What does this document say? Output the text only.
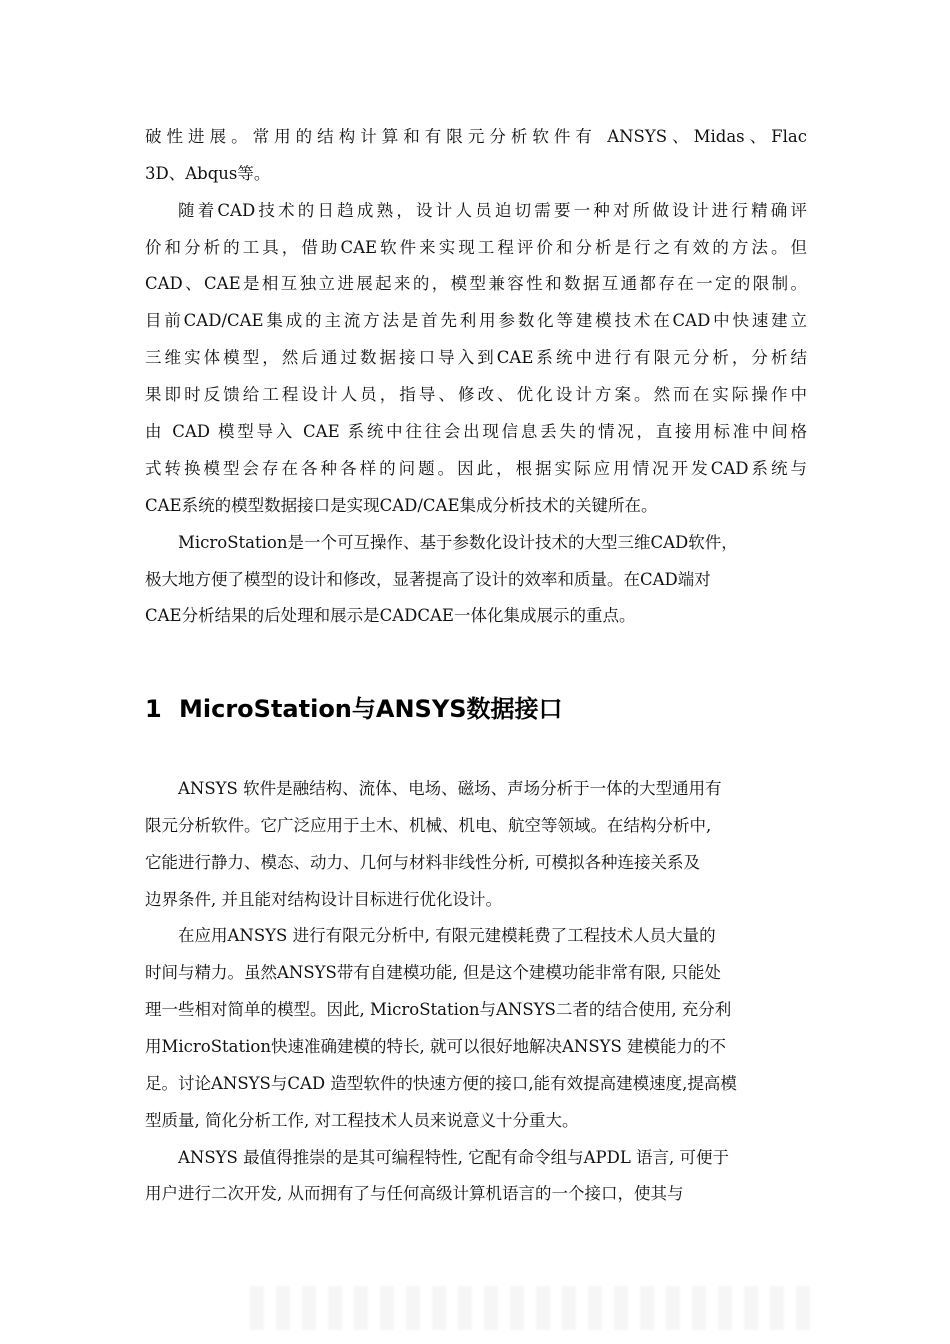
破性进展。常用的结构计算和有限元分析软件有 ANSYS、Midas、Flac
3D、Abqus等。
随着CAD技术的日趋成熟，设计人员迫切需要一种对所做设计进行精确评
价和分析的工具，借助CAE软件来实现工程评价和分析是行之有效的方法。但
CAD、CAE是相互独立进展起来的，模型兼容性和数据互通都存在一定的限制。
目前CAD/CAE集成的主流方法是首先利用参数化等建模技术在CAD中快速建立
三维实体模型，然后通过数据接口导入到CAE系统中进行有限元分析，分析结
果即时反馈给工程设计人员，指导、修改、优化设计方案。然而在实际操作中
由 CAD 模型导入 CAE 系统中往往会出现信息丢失的情况，直接用标准中间格
式转换模型会存在各种各样的问题。因此，根据实际应用情况开发CAD系统与
CAE系统的模型数据接口是实现CAD/CAE集成分析技术的关键所在。
MicroStation是一个可互操作、基于参数化设计技术的大型三维CAD软件，
极大地方便了模型的设计和修改，显著提高了设计的效率和质量。在CAD端对
CAE分析结果的后处理和展示是CADCAE一体化集成展示的重点。
1 MicroStation与ANSYS数据接口
ANSYS 软件是融结构、流体、电场、磁场、声场分析于一体的大型通用有
限元分析软件。它广泛应用于土木、机械、机电、航空等领域。在结构分析中,
它能进行静力、模态、动力、几何与材料非线性分析, 可模拟各种连接关系及
边界条件, 并且能对结构设计目标进行优化设计。
在应用ANSYS 进行有限元分析中, 有限元建模耗费了工程技术人员大量的
时间与精力。虽然ANSYS带有自建模功能, 但是这个建模功能非常有限, 只能处
理一些相对简单的模型。因此, MicroStation与ANSYS二者的结合使用, 充分利
用MicroStation快速准确建模的特长, 就可以很好地解决ANSYS 建模能力的不
足。讨论ANSYS与CAD 造型软件的快速方便的接口,能有效提高建模速度,提高模
型质量, 简化分析工作, 对工程技术人员来说意义十分重大。
ANSYS 最值得推崇的是其可编程特性, 它配有命令组与APDL 语言, 可便于
用户进行二次开发, 从而拥有了与任何高级计算机语言的一个接口，使其与
